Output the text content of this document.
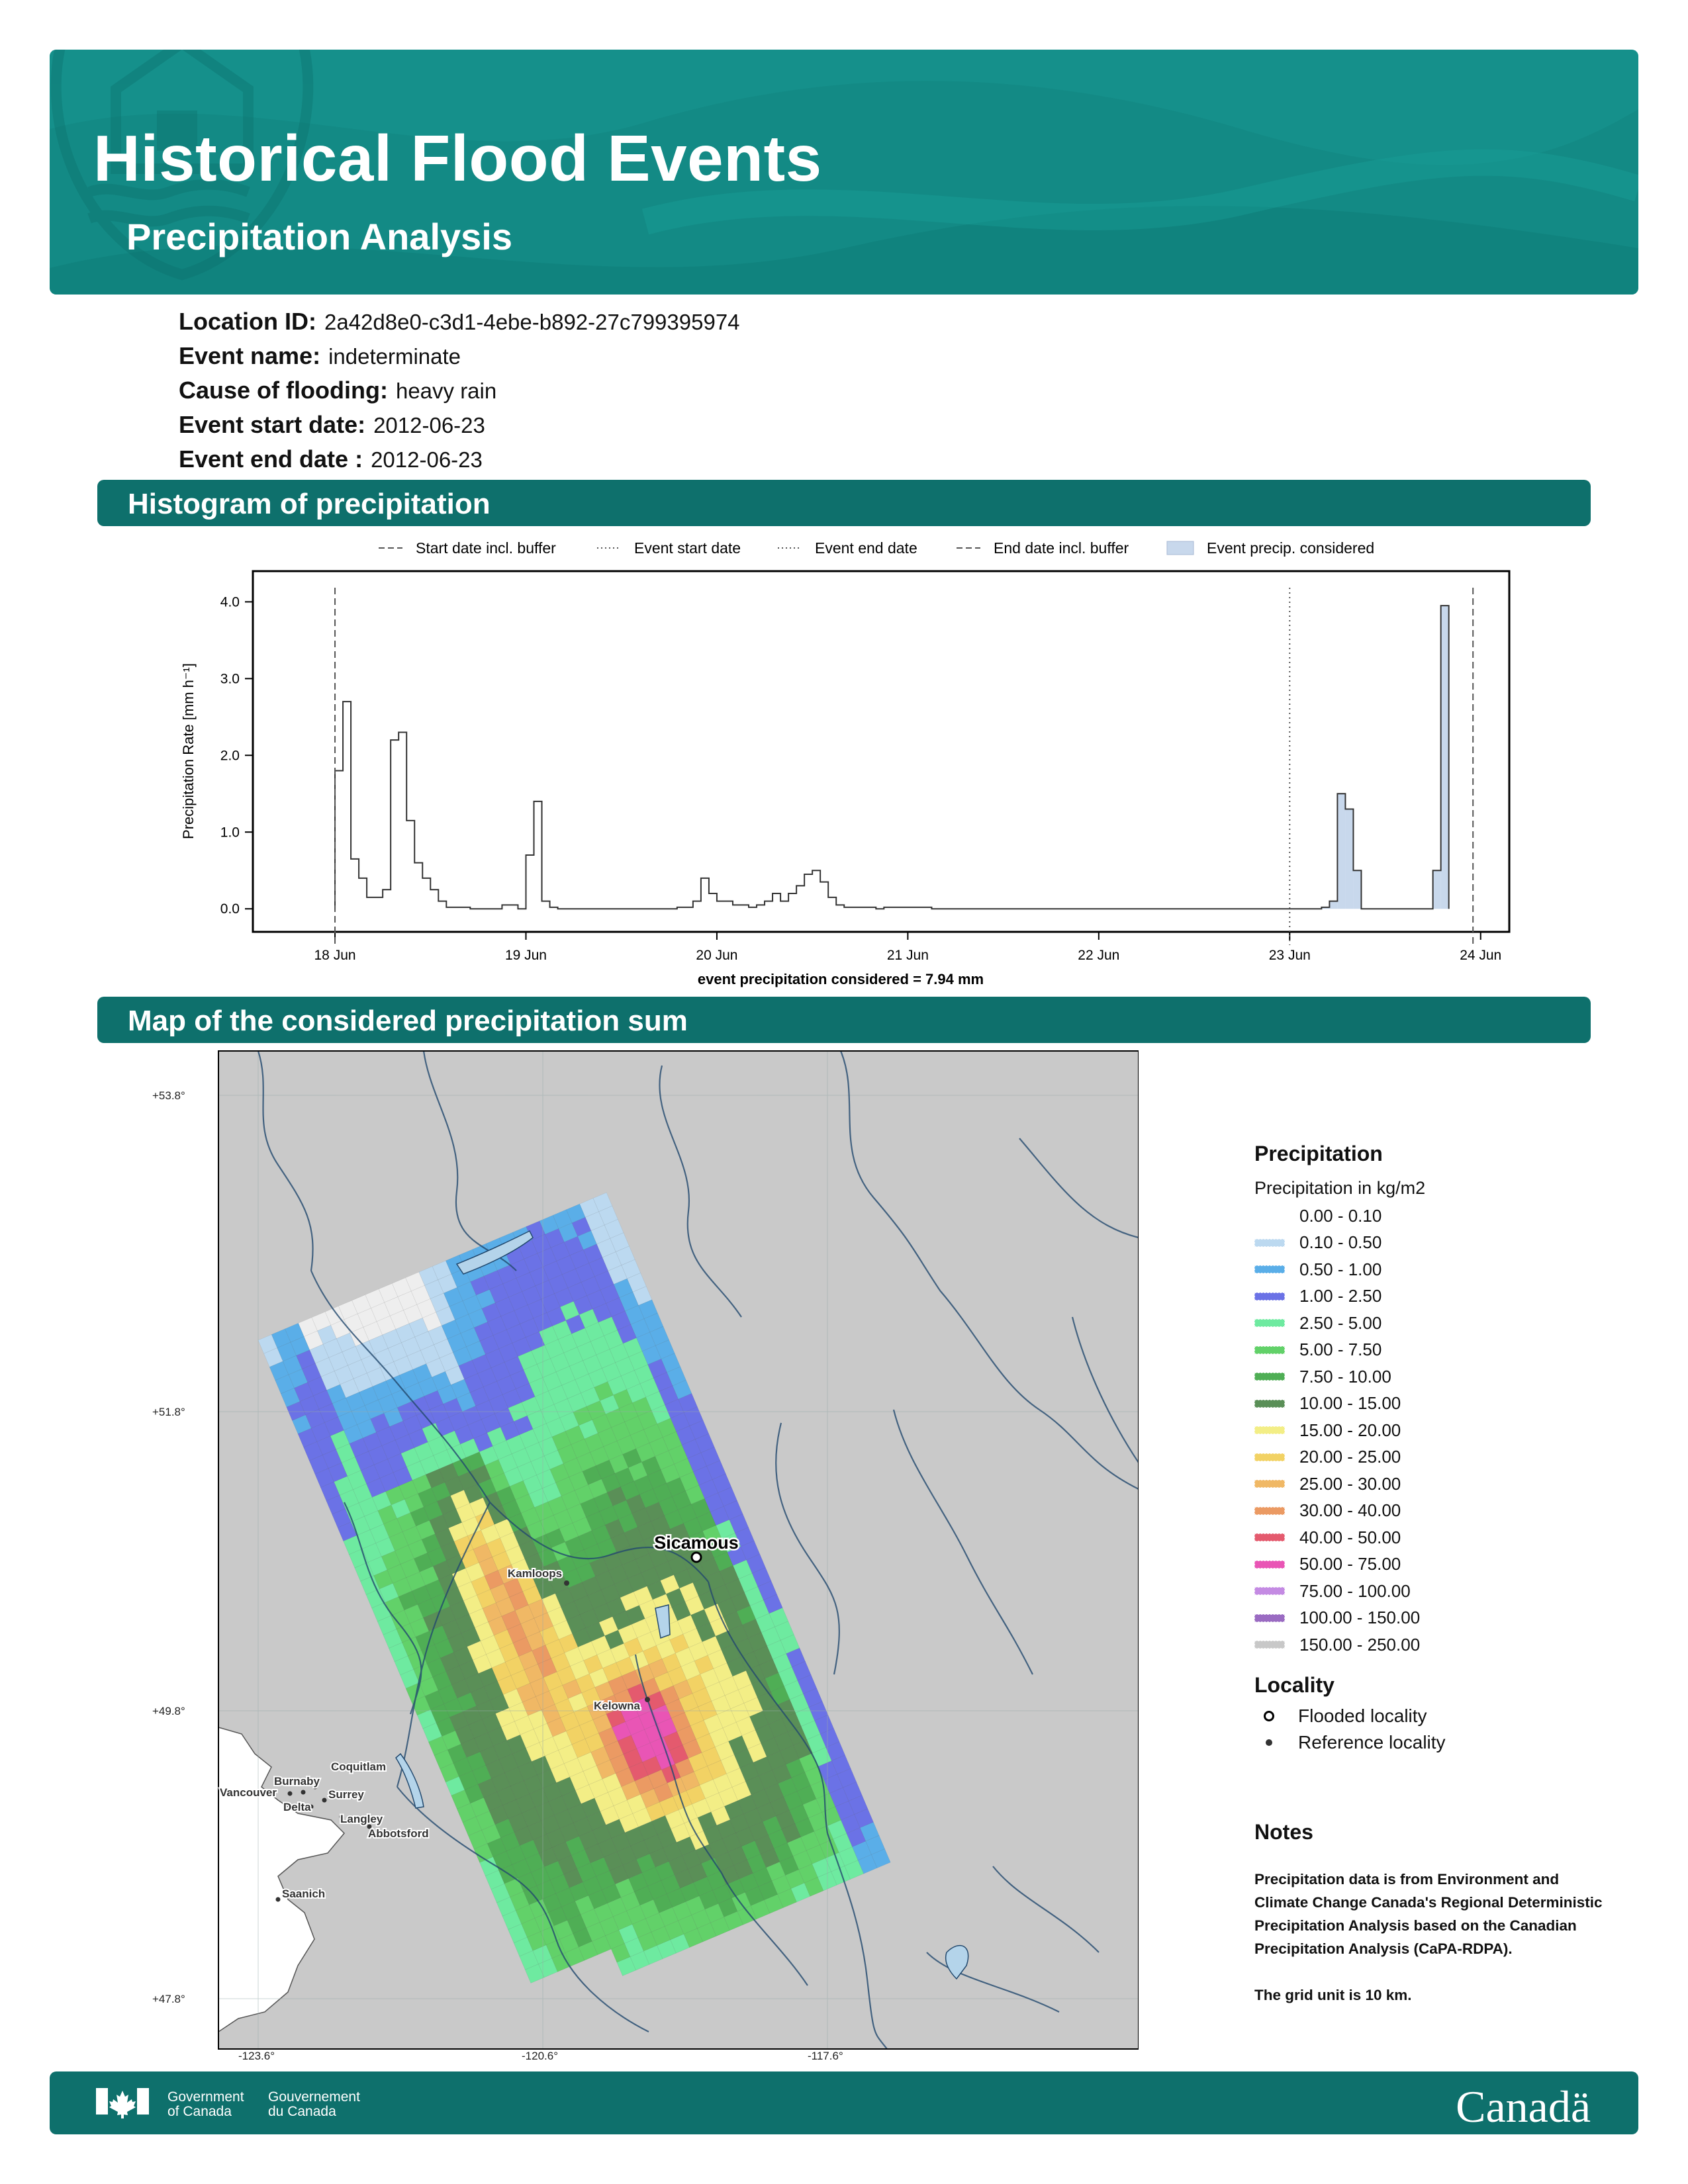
Historical Flood Events
Precipitation Analysis
Location ID: 2a42d8e0-c3d1-4ebe-b892-27c799395974
Event name: indeterminate
Cause of flooding: heavy rain
Event start date: 2012-06-23
Event end date : 2012-06-23
Histogram of precipitation
Start date incl. buffer	Event start date	Event end date	End date incl. buffer	Event precip. considered
0.0
1.0
2.0
3.0
4.0
18 Jun	19 Jun	20 Jun	21 Jun	22 Jun	23 Jun	24 Jun
Precipitation Rate [mm h⁻¹]
event precipitation considered = 7.94 mm
Map of the considered precipitation sum
+53.8°
+51.8°
+49.8°
+47.8°
-123.6°	-120.6°	-117.6°
Sicamous
Kamloops
Kelowna
Coquitlam
Burnaby
Vancouver	Surrey
Delta
Langley
Abbotsford
Saanich
Precipitation
Precipitation in kg/m2
0.00 - 0.10
0.10 - 0.50
0.50 - 1.00
1.00 - 2.50
2.50 - 5.00
5.00 - 7.50
7.50 - 10.00
10.00 - 15.00
15.00 - 20.00
20.00 - 25.00
25.00 - 30.00
30.00 - 40.00
40.00 - 50.00
50.00 - 75.00
75.00 - 100.00
100.00 - 150.00
150.00 - 250.00
Locality
Flooded locality
Reference locality
Notes
Precipitation data is from Environment and Climate Change Canada's Regional Deterministic Precipitation Analysis based on the Canadian Precipitation Analysis (CaPA-RDPA).
The grid unit is 10 km.
Government
of Canada
Gouvernement
du Canada	Canadä
